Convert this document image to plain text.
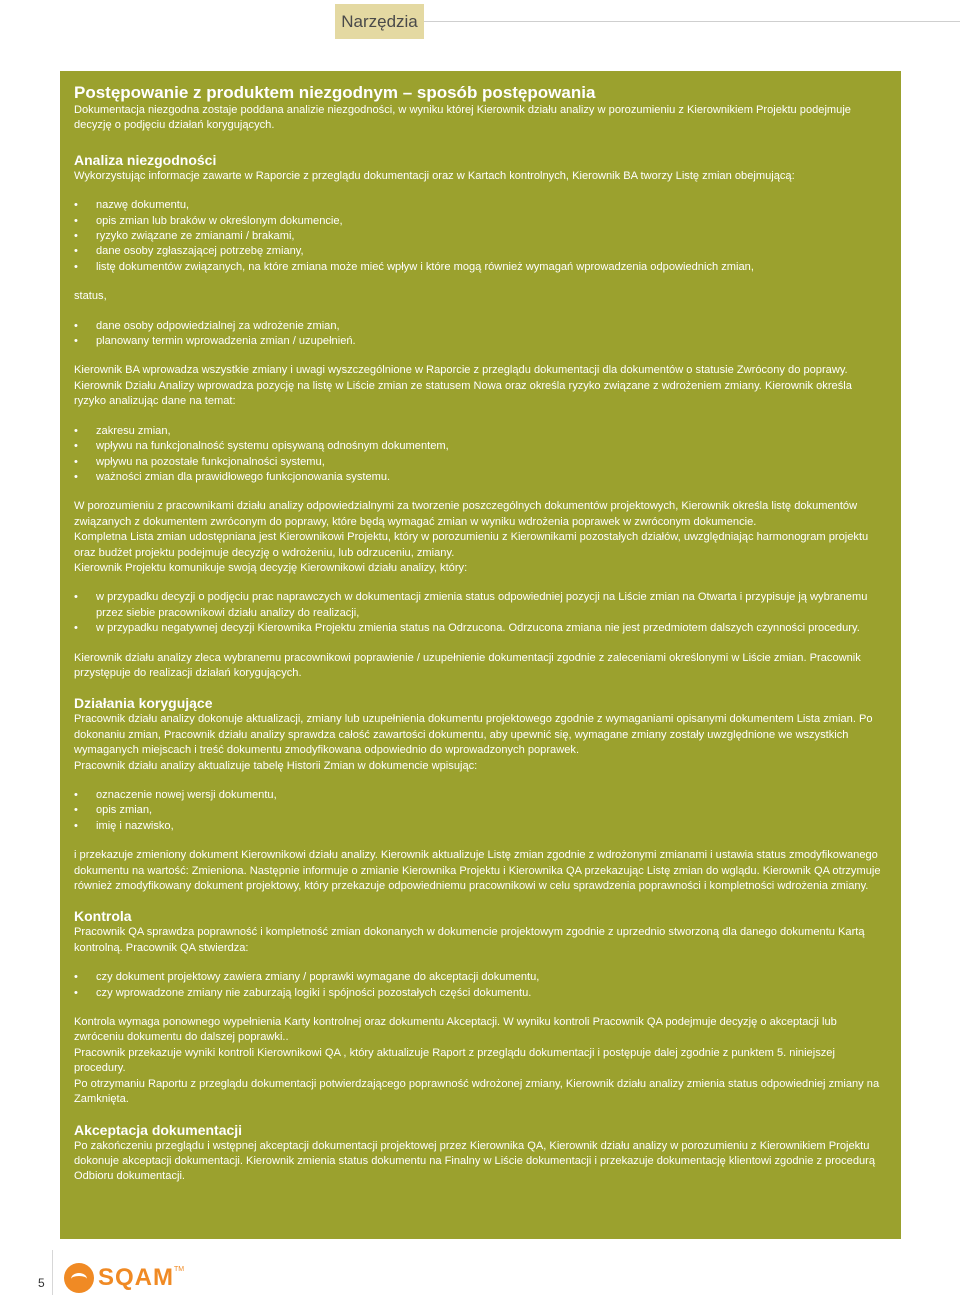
Narzędzia
Postępowanie z produktem niezgodnym – sposób postępowania

Dokumentacja niezgodna zostaje poddana analizie niezgodności, w wyniku której Kierownik działu analizy w porozumieniu z Kierownikiem Projektu podejmuje decyzję o podjęciu działań korygujących.

Analiza niezgodności

Wykorzystując informacje zawarte w Raporcie z przeglądu dokumentacji oraz w Kartach kontrolnych, Kierownik BA tworzy Listę zmian obejmującą:

• nazwę dokumentu,
• opis zmian lub braków w określonym dokumencie,
• ryzyko związane ze zmianami / brakami,
• dane osoby zgłaszającej potrzebę zmiany,
• listę dokumentów związanych, na które zmiana może mieć wpływ i które mogą również wymagań wprowadzenia odpowiednich zmian,

status,

• dane osoby odpowiedzialnej za wdrożenie zmian,
• planowany termin wprowadzenia zmian / uzupełnień.

Kierownik BA wprowadza wszystkie zmiany i uwagi wyszczególnione w Raporcie z przeglądu dokumentacji dla dokumentów o statusie Zwrócony do poprawy.

Kierownik Działu Analizy wprowadza pozycję na listę w Liście zmian ze statusem Nowa oraz określa ryzyko związane z wdrożeniem zmiany. Kierownik określa ryzyko analizując dane na temat:

• zakresu zmian,
• wpływu na funkcjonalność systemu opisywaną odnośnym dokumentem,
• wpływu na pozostałe funkcjonalności systemu,
• ważności zmian dla prawidłowego funkcjonowania systemu.

W porozumieniu z pracownikami działu analizy odpowiedzialnymi za tworzenie poszczególnych dokumentów projektowych, Kierownik określa listę dokumentów związanych z dokumentem zwróconym do poprawy, które będą wymagać zmian w wyniku wdrożenia poprawek w zwróconym dokumencie.

Kompletna Lista zmian udostępniana jest Kierownikowi Projektu, który w porozumieniu z Kierownikami pozostałych działów, uwzględniając harmonogram projektu oraz budżet projektu podejmuje decyzję o wdrożeniu, lub odrzuceniu, zmiany.

Kierownik Projektu komunikuje swoją decyzję Kierownikowi działu analizy, który:

• w przypadku decyzji o podjęciu prac naprawczych w dokumentacji zmienia status odpowiedniej pozycji na Liście zmian na Otwarta i przypisuje ją wybranemu przez siebie pracownikowi działu analizy do realizacji,
• w przypadku negatywnej decyzji Kierownika Projektu zmienia status na Odrzucona. Odrzucona zmiana nie jest przedmiotem dalszych czynności procedury.

Kierownik działu analizy zleca wybranemu pracownikowi poprawienie / uzupełnienie dokumentacji zgodnie z zaleceniami określonymi w Liście zmian. Pracownik przystępuje do realizacji działań korygujących.

Działania korygujące

Pracownik działu analizy dokonuje aktualizacji, zmiany lub uzupełnienia dokumentu projektowego zgodnie z wymaganiami opisanymi dokumentem Lista zmian. Po dokonaniu zmian, Pracownik działu analizy sprawdza całość zawartości dokumentu, aby upewnić się, wymagane zmiany zostały uwzględnione we wszystkich wymaganych miejscach i treść dokumentu zmodyfikowana odpowiednio do wprowadzonych poprawek.

Pracownik działu analizy aktualizuje tabelę Historii Zmian w dokumencie wpisując:

• oznaczenie nowej wersji dokumentu,
• opis zmian,
• imię i nazwisko,

i przekazuje zmieniony dokument Kierownikowi działu analizy. Kierownik aktualizuje Listę zmian zgodnie z wdrożonymi zmianami i ustawia status zmodyfikowanego dokumentu na wartość: Zmieniona. Następnie informuje o zmianie Kierownika Projektu i Kierownika QA przekazując Listę zmian do wglądu. Kierownik QA otrzymuje również zmodyfikowany dokument projektowy, który przekazuje odpowiedniemu pracownikowi w celu sprawdzenia poprawności i kompletności wdrożenia zmiany.

Kontrola

Pracownik QA sprawdza poprawność i kompletność zmian dokonanych w dokumencie projektowym zgodnie z uprzednio stworzoną dla danego dokumentu Kartą kontrolną. Pracownik QA stwierdza:

• czy dokument projektowy zawiera zmiany / poprawki wymagane do akceptacji dokumentu,
• czy wprowadzone zmiany nie zaburzają logiki i spójności pozostałych części dokumentu.

Kontrola wymaga ponownego wypełnienia Karty kontrolnej oraz dokumentu Akceptacji. W wyniku kontroli Pracownik QA podejmuje decyzję o akceptacji lub zwróceniu dokumentu do dalszej poprawki..

Pracownik przekazuje wyniki kontroli Kierownikowi QA , który aktualizuje Raport z przeglądu dokumentacji i postępuje dalej zgodnie z punktem 5. niniejszej procedury.

Po otrzymaniu Raportu z przeglądu dokumentacji potwierdzającego poprawność wdrożonej zmiany, Kierownik działu analizy zmienia status odpowiedniej zmiany na Zamknięta.

Akceptacja dokumentacji

Po zakończeniu przeglądu i wstępnej akceptacji dokumentacji projektowej przez Kierownika QA, Kierownik działu analizy w porozumieniu z Kierownikiem Projektu dokonuje akceptacji dokumentacji. Kierownik zmienia status dokumentu na Finalny w Liście dokumentacji i przekazuje dokumentację klientowi zgodnie z procedurą Odbioru dokumentacji.

5 SQAM TM
